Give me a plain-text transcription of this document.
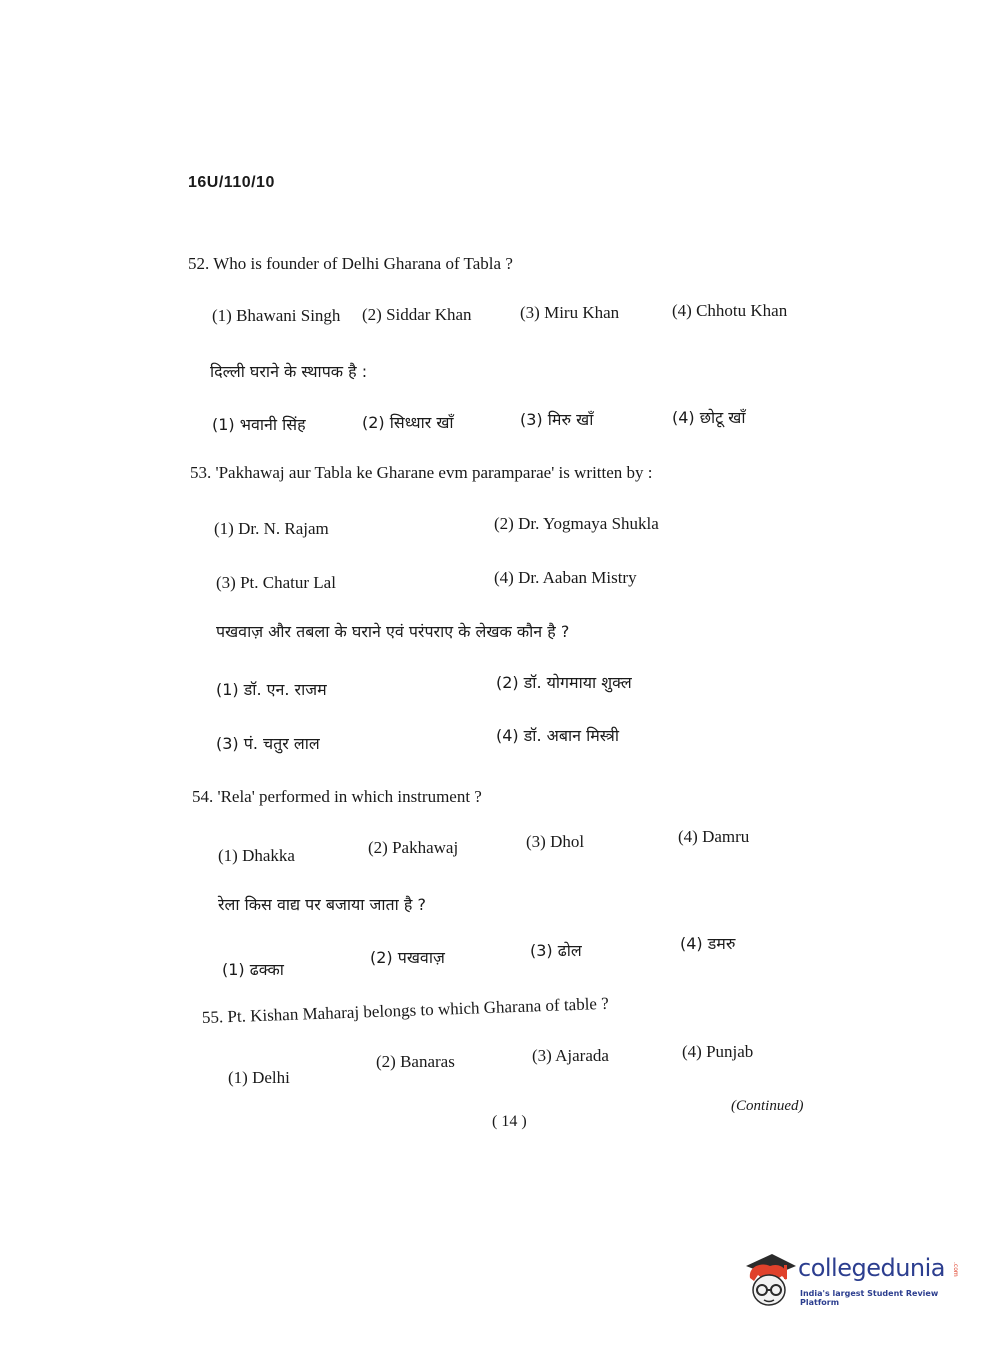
16U/110/10
52. Who is founder of Delhi Gharana of Tabla ?
(1) Bhawani Singh (2) Siddar Khan	(3) Miru Khan	(4) Chhotu Khan
दिल्ली घराने के स्थापक है :
(1) भवानी सिंह	(2) सिध्धार खाँ	(3) मिरु खाँ	(4) छोटू खाँ
53. 'Pakhawaj aur Tabla ke Gharane evm paramparae' is written by :
(1) Dr. N. Rajam	(2) Dr. Yogmaya Shukla
(3) Pt. Chatur Lal	(4) Dr. Aaban Mistry
पखवाज़ और तबला के घराने एवं परंपराए के लेखक कौन है ?
(1) डॉ. एन. राजम	(2) डॉ. योगमाया शुक्ल
(3) पं. चतुर लाल	(4) डॉ. अबान मिस्त्री
54. 'Rela' performed in which instrument ?
(1) Dhakka	(2) Pakhawaj	(3) Dhol	(4) Damru
रेला किस वाद्य पर बजाया जाता है ?
(1) ढक्का
(2) पखवाज़	(3) ढोल	(4) डमरु
55. Pt. Kishan Maharaj belongs to which Gharana of table ?
(1) Delhi
(2) Banaras	(3) Ajarada	(4) Punjab
(Continued)
( 14 )
collegedunia .com
India's largest Student Review Platform
